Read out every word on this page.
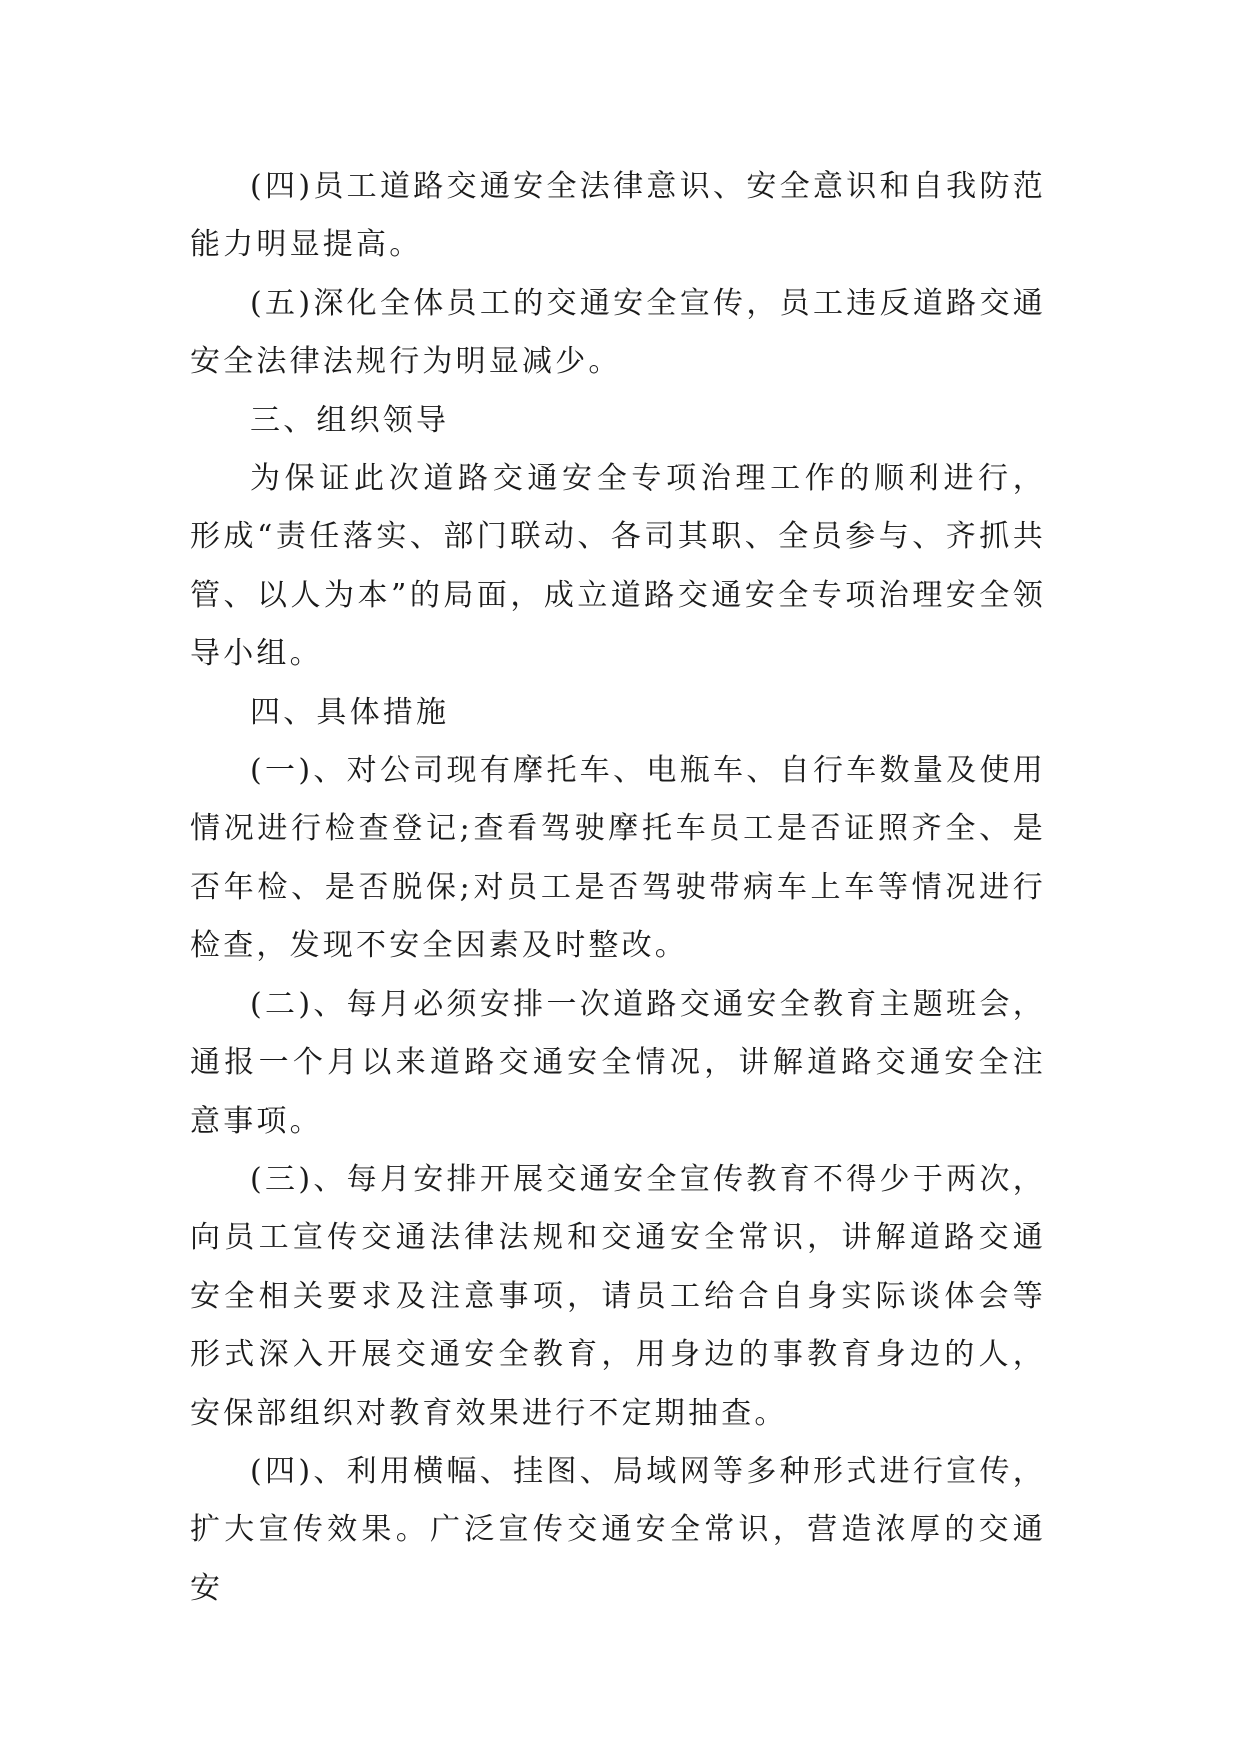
(四)员工道路交通安全法律意识、安全意识和自我防范能力明显提高。

(五)深化全体员工的交通安全宣传，员工违反道路交通安全法律法规行为明显减少。

三、组织领导

为保证此次道路交通安全专项治理工作的顺利进行，形成“责任落实、部门联动、各司其职、全员参与、齐抓共管、以人为本”的局面，成立道路交通安全专项治理安全领导小组。

四、具体措施

(一)、对公司现有摩托车、电瓶车、自行车数量及使用情况进行检查登记;查看驾驶摩托车员工是否证照齐全、是否年检、是否脱保;对员工是否驾驶带病车上车等情况进行检查，发现不安全因素及时整改。

(二)、每月必须安排一次道路交通安全教育主题班会，通报一个月以来道路交通安全情况，讲解道路交通安全注意事项。

(三)、每月安排开展交通安全宣传教育不得少于两次，向员工宣传交通法律法规和交通安全常识，讲解道路交通安全相关要求及注意事项，请员工给合自身实际谈体会等形式深入开展交通安全教育，用身边的事教育身边的人，安保部组织对教育效果进行不定期抽查。

(四)、利用横幅、挂图、局域网等多种形式进行宣传，扩大宣传效果。广泛宣传交通安全常识，营造浓厚的交通安
